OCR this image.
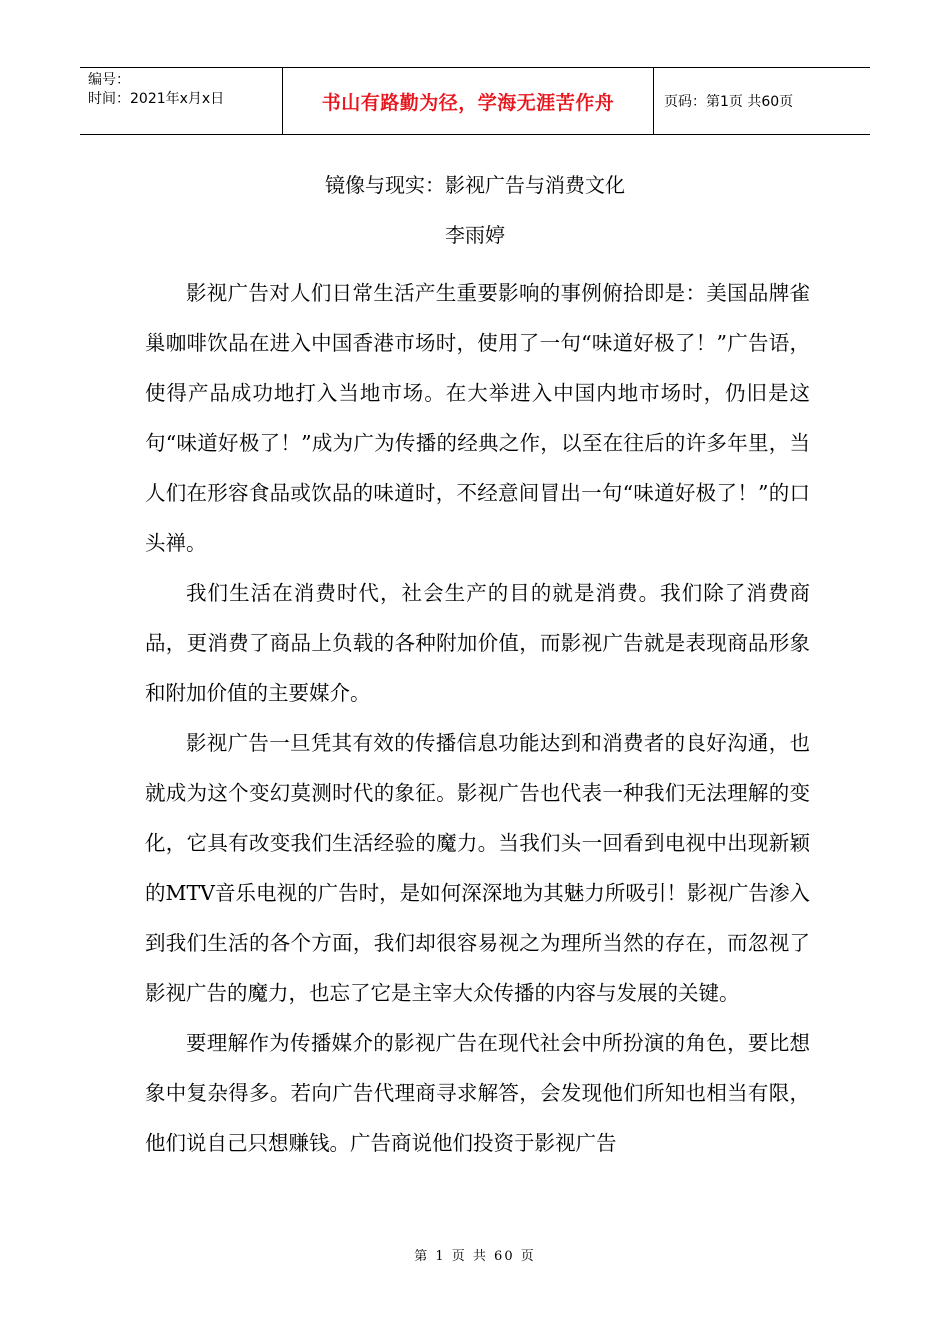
编号：
时间：2021年x月x日	书山有路勤为径，学海无涯苦作舟	页码：第1页 共60页
镜像与现实：影视广告与消费文化
李雨婷

影视广告对人们日常生活产生重要影响的事例俯拾即是：美国品牌雀巢咖啡饮品在进入中国香港市场时，使用了一句“味道好极了！”广告语，使得产品成功地打入当地市场。在大举进入中国内地市场时，仍旧是这句“味道好极了！”成为广为传播的经典之作，以至在往后的许多年里，当人们在形容食品或饮品的味道时，不经意间冒出一句“味道好极了！”的口头禅。

我们生活在消费时代，社会生产的目的就是消费。我们除了消费商品，更消费了商品上负载的各种附加价值，而影视广告就是表现商品形象和附加价值的主要媒介。

影视广告一旦凭其有效的传播信息功能达到和消费者的良好沟通，也就成为这个变幻莫测时代的象征。影视广告也代表一种我们无法理解的变化，它具有改变我们生活经验的魔力。当我们头一回看到电视中出现新颖的MTV音乐电视的广告时，是如何深深地为其魅力所吸引！影视广告渗入到我们生活的各个方面，我们却很容易视之为理所当然的存在，而忽视了影视广告的魔力，也忘了它是主宰大众传播的内容与发展的关键。

要理解作为传播媒介的影视广告在现代社会中所扮演的角色，要比想象中复杂得多。若向广告代理商寻求解答，会发现他们所知也相当有限，他们说自己只想赚钱。广告商说他们投资于影视广告

第 1 页 共 60 页
